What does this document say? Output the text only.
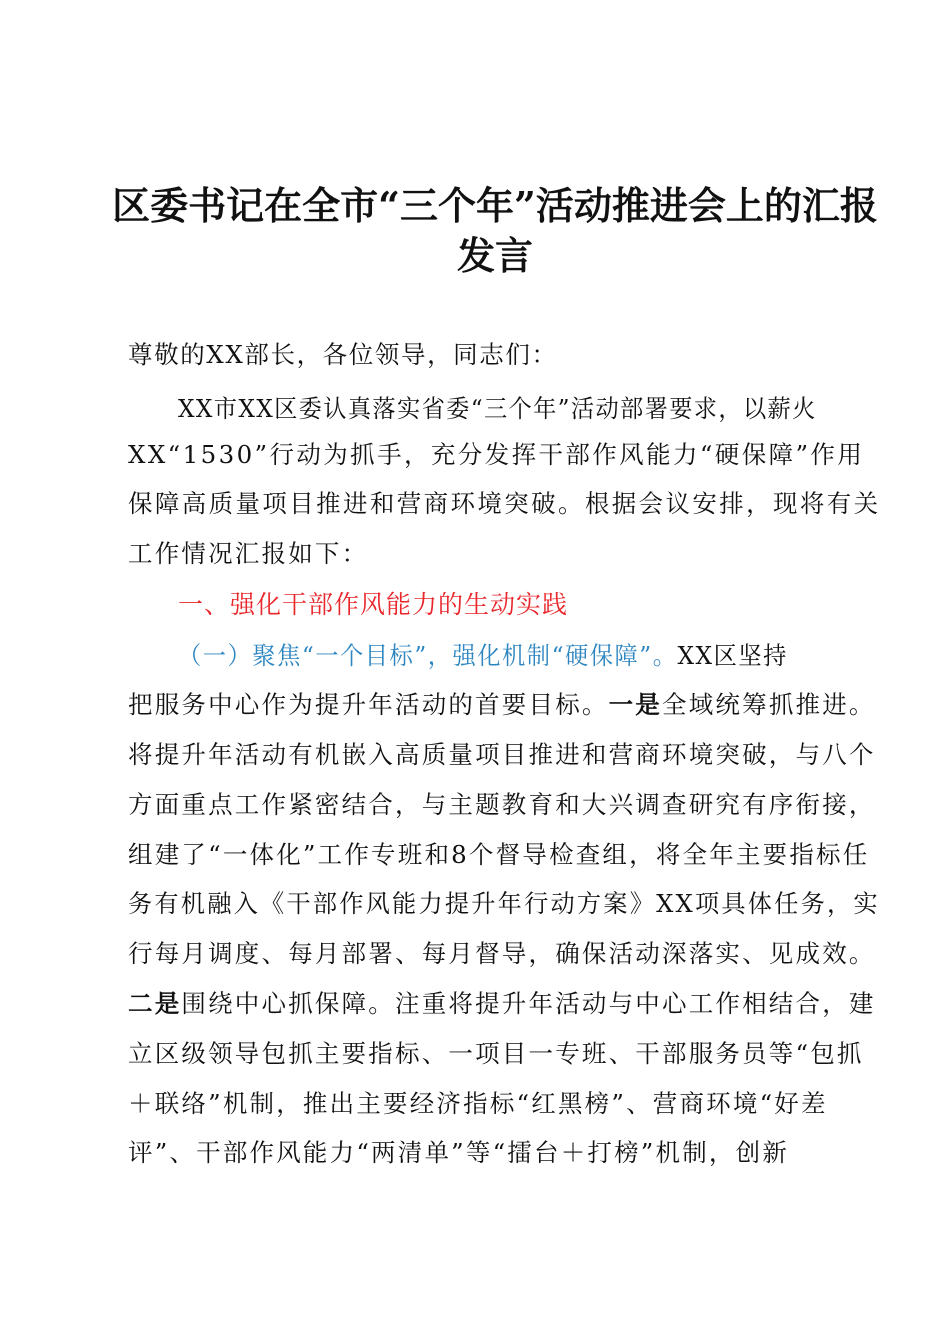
区委书记在全市“三个年”活动推进会上的汇报
发言
尊敬的XX部长，各位领导，同志们：
XX市XX区委认真落实省委“三个年”活动部署要求，以薪火
XX“1530”行动为抓手，充分发挥干部作风能力“硬保障”作用
保障高质量项目推进和营商环境突破。根据会议安排，现将有关
工作情况汇报如下：
一、强化干部作风能力的生动实践
（一）聚焦“一个目标”，强化机制“硬保障”。XX区坚持
把服务中心作为提升年活动的首要目标。一是全域统筹抓推进。
将提升年活动有机嵌入高质量项目推进和营商环境突破，与八个
方面重点工作紧密结合，与主题教育和大兴调查研究有序衔接，
组建了“一体化”工作专班和8个督导检查组，将全年主要指标任
务有机融入《干部作风能力提升年行动方案》XX项具体任务，实
行每月调度、每月部署、每月督导，确保活动深落实、见成效。
二是围绕中心抓保障。注重将提升年活动与中心工作相结合，建
立区级领导包抓主要指标、一项目一专班、干部服务员等“包抓
＋联络”机制，推出主要经济指标“红黑榜”、营商环境“好差
评”、干部作风能力“两清单”等“擂台＋打榜”机制，创新
